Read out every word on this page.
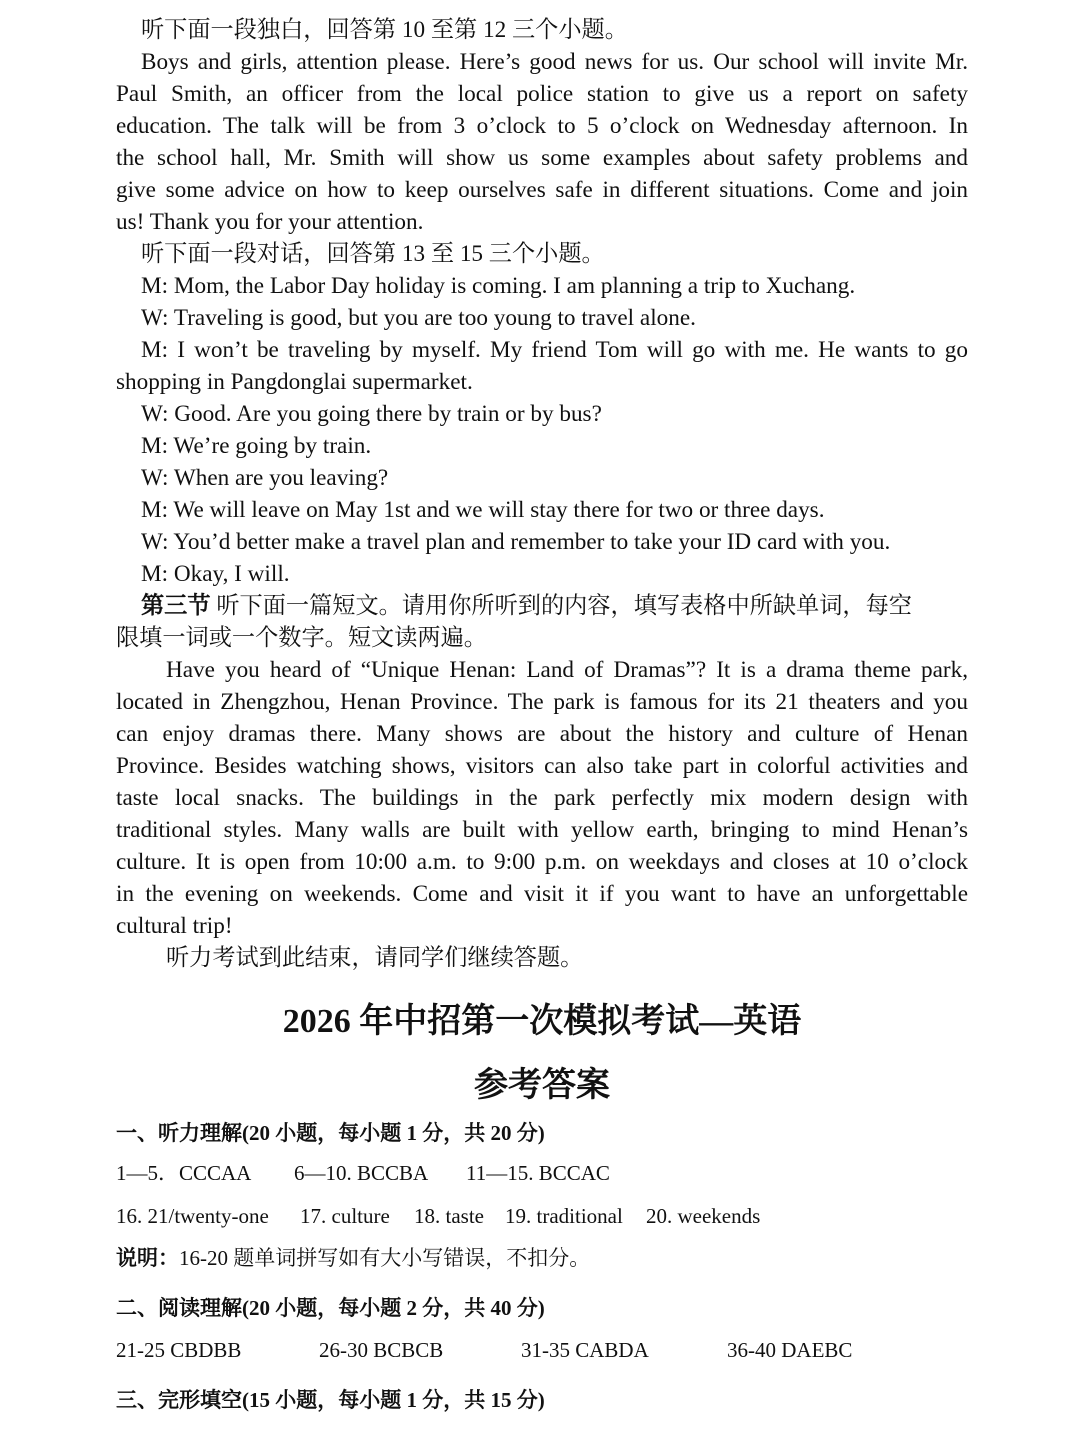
听下面一段独白，回答第 10 至第 12 三个小题。
Boys and girls, attention please. Here’s good news for us. Our school will invite Mr.
Paul Smith, an officer from the local police station to give us a report on safety
education. The talk will be from 3 o’clock to 5 o’clock on Wednesday afternoon. In
the school hall, Mr. Smith will show us some examples about safety problems and
give some advice on how to keep ourselves safe in different situations. Come and join
us! Thank you for your attention.
听下面一段对话，回答第 13 至 15 三个小题。
M: Mom, the Labor Day holiday is coming. I am planning a trip to Xuchang.
W: Traveling is good, but you are too young to travel alone.
M: I won’t be traveling by myself. My friend Tom will go with me. He wants to go
shopping in Pangdonglai supermarket.
W: Good. Are you going there by train or by bus?
M: We’re going by train.
W: When are you leaving?
M: We will leave on May 1st and we will stay there for two or three days.
W: You’d better make a travel plan and remember to take your ID card with you.
M: Okay, I will.
第三节 听下面一篇短文。请用你所听到的内容，填写表格中所缺单词，每空
限填一词或一个数字。短文读两遍。
Have you heard of “Unique Henan: Land of Dramas”? It is a drama theme park,
located in Zhengzhou, Henan Province. The park is famous for its 21 theaters and you
can enjoy dramas there. Many shows are about the history and culture of Henan
Province. Besides watching shows, visitors can also take part in colorful activities and
taste local snacks. The buildings in the park perfectly mix modern design with
traditional styles. Many walls are built with yellow earth, bringing to mind Henan’s
culture. It is open from 10:00 a.m. to 9:00 p.m. on weekdays and closes at 10 o’clock
in the evening on weekends. Come and visit it if you want to have an unforgettable
cultural trip!
听力考试到此结束，请同学们继续答题。
2026 年中招第一次模拟考试—英语
参考答案
一、听力理解(20 小题，每小题 1 分，共 20 分)
1—5．CCCAA 6—10. BCCBA 11—15. BCCAC
16. 21/twenty-one 17. culture 18. taste 19. traditional 20. weekends
说明：16-20 题单词拼写如有大小写错误，不扣分。
二、阅读理解(20 小题，每小题 2 分，共 40 分)
21-25 CBDBB	26-30 BCBCB	31-35 CABDA	36-40 DAEBC
三、完形填空(15 小题，每小题 1 分，共 15 分)
